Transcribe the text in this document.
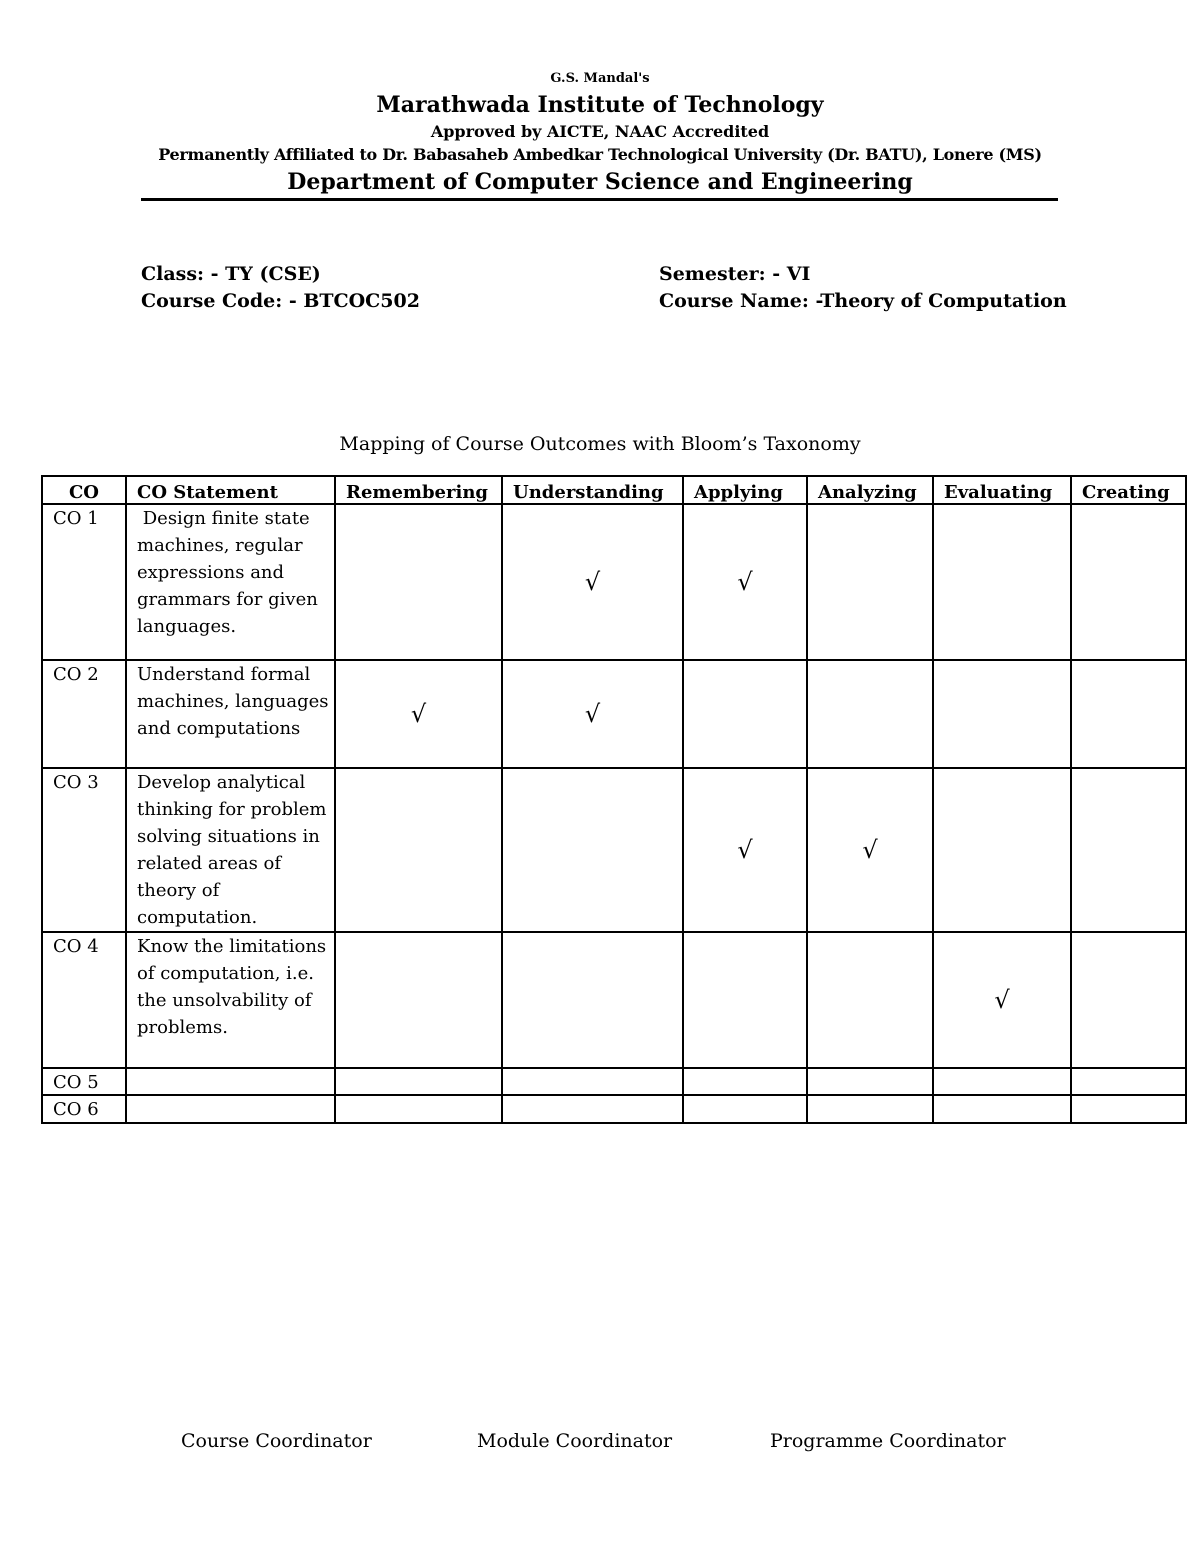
G.S. Mandal's
Marathwada Institute of Technology
Approved by AICTE, NAAC Accredited
Permanently Affiliated to Dr. Babasaheb Ambedkar Technological University (Dr. BATU), Lonere (MS)
Department of Computer Science and Engineering
Class: - TY (CSE)	Semester: - VI
Course Code: - BTCOC502	Course Name: -Theory of Computation
Mapping of Course Outcomes with Bloom’s Taxonomy
CO	CO Statement	Remembering	Understanding	Applying	Analyzing	Evaluating	Creating
CO 1	Design finite state machines, regular expressions and grammars for given languages.		√	√			
CO 2	Understand formal machines, languages and computations	√	√				
CO 3	Develop analytical thinking for problem solving situations in related areas of theory of computation.			√	√		
CO 4	Know the limitations of computation, i.e. the unsolvability of problems.					√	
CO 5							
CO 6							
Course Coordinator	Module Coordinator	Programme Coordinator
